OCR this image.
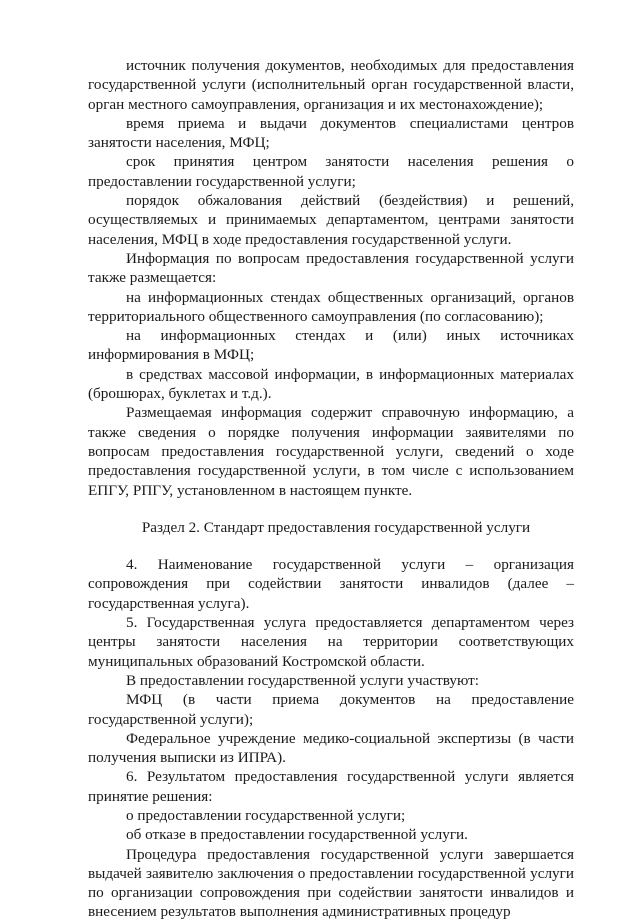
источник получения документов, необходимых для предоставления государственной услуги (исполнительный орган государственной власти, орган местного самоуправления, организация и их местонахождение);

время приема и выдачи документов специалистами центров занятости населения, МФЦ;

срок принятия центром занятости населения решения о предоставлении государственной услуги;

порядок обжалования действий (бездействия) и решений, осуществляемых и принимаемых департаментом, центрами занятости населения, МФЦ в ходе предоставления государственной услуги.

Информация по вопросам предоставления государственной услуги также размещается:

на информационных стендах общественных организаций, органов территориального общественного самоуправления (по согласованию);

на информационных стендах и (или) иных источниках информирования в МФЦ;

в средствах массовой информации, в информационных материалах (брошюрах, буклетах и т.д.).

Размещаемая информация содержит справочную информацию, а также сведения о порядке получения информации заявителями по вопросам предоставления государственной услуги, сведений о ходе предоставления государственной услуги, в том числе с использованием ЕПГУ, РПГУ, установленном в настоящем пункте.

Раздел 2. Стандарт предоставления государственной услуги

4. Наименование государственной услуги – организация сопровождения при содействии занятости инвалидов (далее – государственная услуга).

5. Государственная услуга предоставляется департаментом через центры занятости населения на территории соответствующих муниципальных образований Костромской области.

В предоставлении государственной услуги участвуют:

МФЦ (в части приема документов на предоставление государственной услуги);

Федеральное учреждение медико-социальной экспертизы (в части получения выписки из ИПРА).

6. Результатом предоставления государственной услуги является принятие решения:

о предоставлении государственной услуги;

об отказе в предоставлении государственной услуги.

Процедура предоставления государственной услуги завершается выдачей заявителю заключения о предоставлении государственной услуги по организации сопровождения при содействии занятости инвалидов и внесением результатов выполнения административных процедур
